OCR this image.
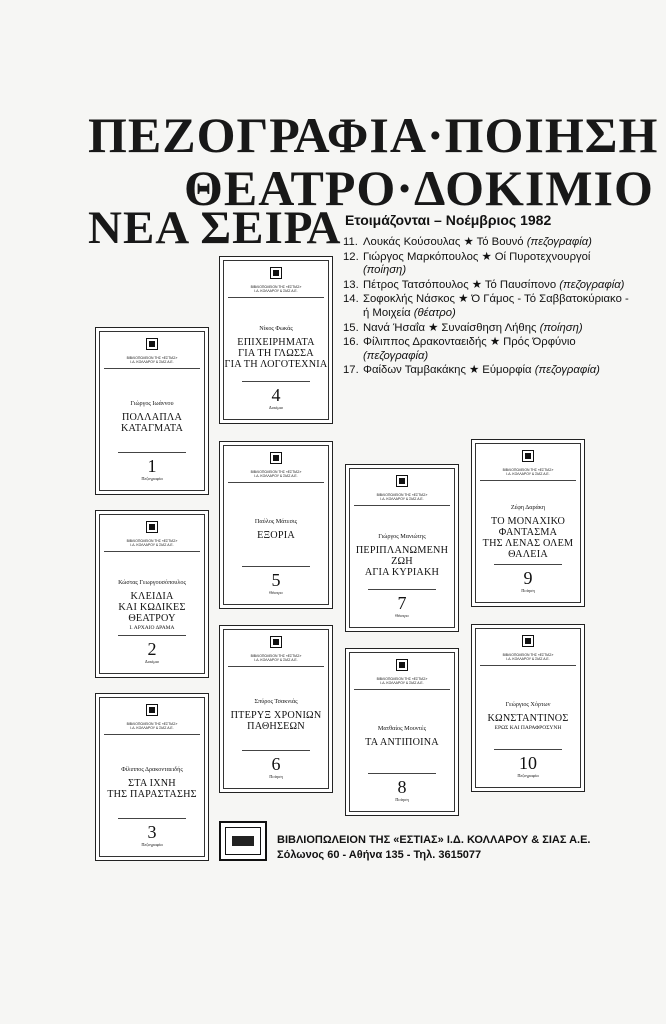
ΠΕΖΟΓΡΑΦΙΑ·ΠΟΙΗΣΗ
ΘΕΑΤΡΟ·ΔΟΚΙΜΙΟ
ΝΕΑ ΣΕΙΡΑ Ετοιμάζονται – Νοέμβριος 1982
11. Λουκάς Κούσουλας ★ Τό Βουνό (πεζογραφία)
12. Γιώργος Μαρκόπουλος ★ Οί Πυροτεχνουργοί (ποίηση)
13. Πέτρος Τατσόπουλος ★ Τό Παυσίπονο (πεζογραφία)
14. Σοφοκλής Νάσκος ★ Ό Γάμος - Τό Σαββατοκύριακο - ή Μοιχεία (θέατρο)
15. Νανά Ήσαΐα ★ Συναίσθηση Λήθης (ποίηση)
16. Φίλιππος Δρακονταειδής ★ Πρός Όρφύνιο (πεζογραφία)
17. Φαίδων Ταμβακάκης ★ Εύμορφία (πεζογραφία)
ΒΙΒΛΙΟΠΩΛΕΙΟΝ ΤΗΣ «ΕΣΤΙΑΣ»
Ι.Δ. ΚΟΛΛΑΡΟΥ & ΣΙΑΣ Α.Ε.
Γιώργος Ιωάννου
ΠΟΛΛΑΠΛΑ
ΚΑΤΑΓΜΑΤΑ
1
Πεζογραφία
ΒΙΒΛΙΟΠΩΛΕΙΟΝ ΤΗΣ «ΕΣΤΙΑΣ»
Ι.Δ. ΚΟΛΛΑΡΟΥ & ΣΙΑΣ Α.Ε.
Κώστας Γεωργουσόπουλος
ΚΛΕΙΔΙΑ
ΚΑΙ ΚΩΔΙΚΕΣ
ΘΕΑΤΡΟΥ
Ι. ΑΡΧΑΙΟ ΔΡΑΜΑ
2
Δοκίμιο
ΒΙΒΛΙΟΠΩΛΕΙΟΝ ΤΗΣ «ΕΣΤΙΑΣ»
Ι.Δ. ΚΟΛΛΑΡΟΥ & ΣΙΑΣ Α.Ε.
Φίλιππος Δρακονταειδής
ΣΤΑ ΙΧΝΗ
ΤΗΣ ΠΑΡΑΣΤΑΣΗΣ
3
Πεζογραφία
ΒΙΒΛΙΟΠΩΛΕΙΟΝ ΤΗΣ «ΕΣΤΙΑΣ»
Ι.Δ. ΚΟΛΛΑΡΟΥ & ΣΙΑΣ Α.Ε.
Νίκος Φωκάς
ΕΠΙΧΕΙΡΗΜΑΤΑ
ΓΙΑ ΤΗ ΓΛΩΣΣΑ
ΓΙΑ ΤΗ ΛΟΓΟΤΕΧΝΙΑ
4
Δοκίμιο
ΒΙΒΛΙΟΠΩΛΕΙΟΝ ΤΗΣ «ΕΣΤΙΑΣ»
Ι.Δ. ΚΟΛΛΑΡΟΥ & ΣΙΑΣ Α.Ε.
Παύλος Μάτεσις
ΕΞΟΡΙΑ
5
Θέατρο
ΒΙΒΛΙΟΠΩΛΕΙΟΝ ΤΗΣ «ΕΣΤΙΑΣ»
Ι.Δ. ΚΟΛΛΑΡΟΥ & ΣΙΑΣ Α.Ε.
Σπύρος Τσακνιάς
ΠΤΕΡΥΞ ΧΡΟΝΙΩΝ
ΠΑΘΗΣΕΩΝ
6
Ποίηση
ΒΙΒΛΙΟΠΩΛΕΙΟΝ ΤΗΣ «ΕΣΤΙΑΣ»
Ι.Δ. ΚΟΛΛΑΡΟΥ & ΣΙΑΣ Α.Ε.
Γιώργος Μανιώτης
ΠΕΡΙΠΛΑΝΩΜΕΝΗ
ΖΩΗ
ΑΓΙΑ ΚΥΡΙΑΚΗ
7
Θέατρο
ΒΙΒΛΙΟΠΩΛΕΙΟΝ ΤΗΣ «ΕΣΤΙΑΣ»
Ι.Δ. ΚΟΛΛΑΡΟΥ & ΣΙΑΣ Α.Ε.
Ματθαίος Μουντές
ΤΑ ΑΝΤΙΠΟΙΝΑ
8
Ποίηση
ΒΙΒΛΙΟΠΩΛΕΙΟΝ ΤΗΣ «ΕΣΤΙΑΣ»
Ι.Δ. ΚΟΛΛΑΡΟΥ & ΣΙΑΣ Α.Ε.
Ζέφη Δαράκη
ΤΟ ΜΟΝΑΧΙΚΟ
ΦΑΝΤΑΣΜΑ
ΤΗΣ ΛΕΝΑΣ ΟΛΕΜ
ΘΑΛΕΙΑ
9
Ποίηση
ΒΙΒΛΙΟΠΩΛΕΙΟΝ ΤΗΣ «ΕΣΤΙΑΣ»
Ι.Δ. ΚΟΛΛΑΡΟΥ & ΣΙΑΣ Α.Ε.
Γεώργιος Χόρτων
ΚΩΝΣΤΑΝΤΙΝΟΣ
ΕΡΩΣ ΚΑΙ ΠΑΡΑΦΡΟΣΥΝΗ
10
Πεζογραφία
ΒΙΒΛΙΟΠΩΛΕΙΟΝ ΤΗΣ «ΕΣΤΙΑΣ» Ι.Δ. ΚΟΛΛΑΡΟΥ & ΣΙΑΣ Α.Ε.
Σόλωνος 60 - Αθήνα 135 - Τηλ. 3615077
